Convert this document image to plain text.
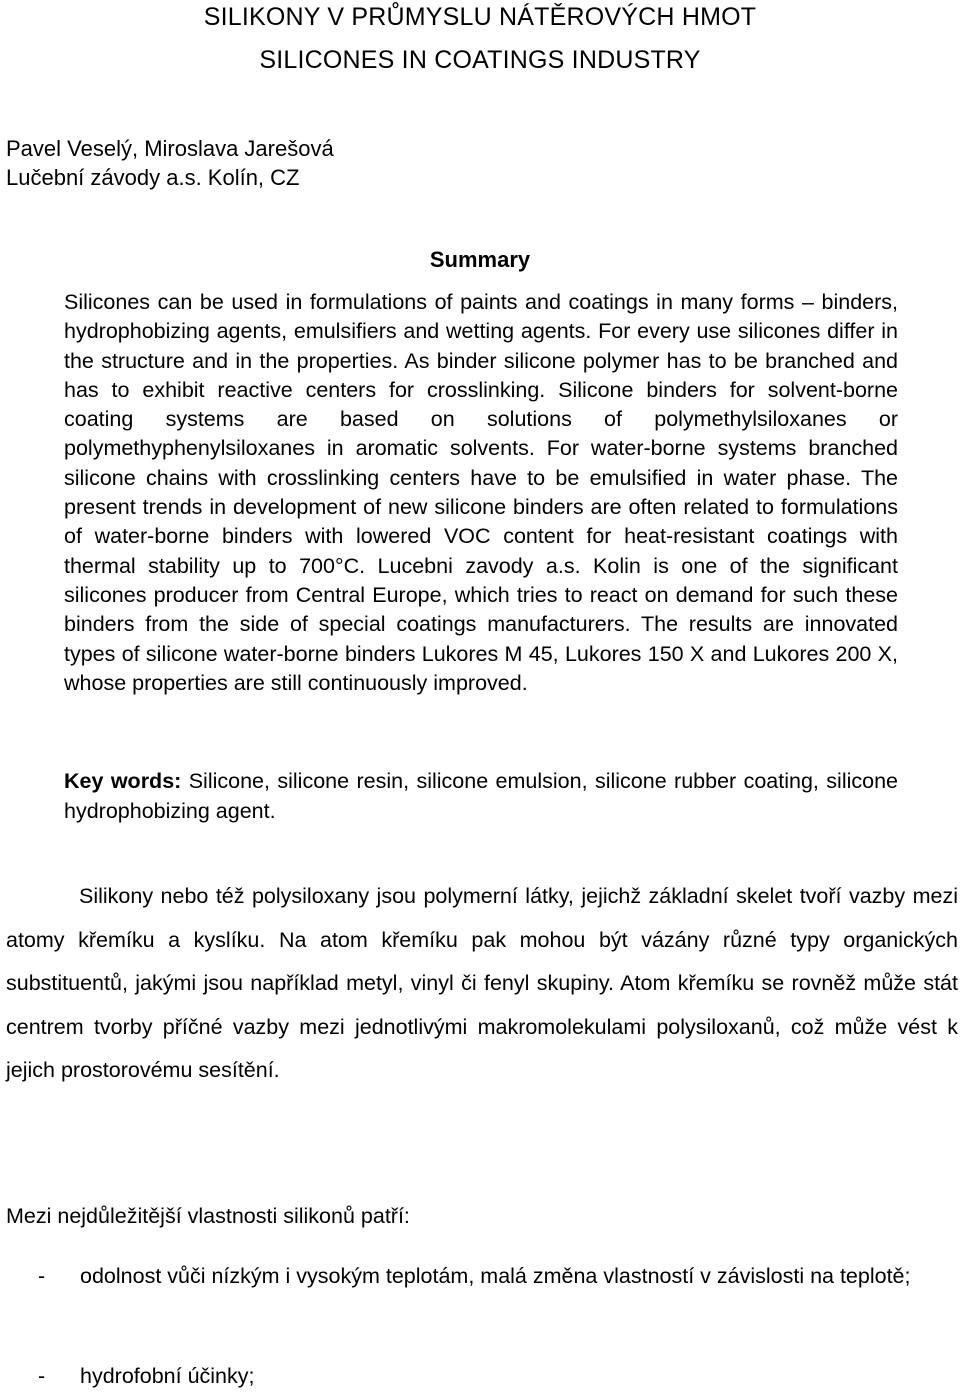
SILIKONY V PRŮMYSLU NÁTĚROVÝCH HMOT
SILICONES IN COATINGS INDUSTRY
Pavel Veselý, Miroslava Jarešová
Lučební závody a.s. Kolín, CZ
Summary

Silicones can be used in formulations of paints and coatings in many forms – binders, hydrophobizing agents, emulsifiers and wetting agents. For every use silicones differ in the structure and in the properties. As binder silicone polymer has to be branched and has to exhibit reactive centers for crosslinking. Silicone binders for solvent-borne coating systems are based on solutions of polymethylsiloxanes or polymethyphenylsiloxanes in aromatic solvents. For water-borne systems branched silicone chains with crosslinking centers have to be emulsified in water phase. The present trends in development of new silicone binders are often related to formulations of water-borne binders with lowered VOC content for heat-resistant coatings with thermal stability up to 700°C. Lucebni zavody a.s. Kolin is one of the significant silicones producer from Central Europe, which tries to react on demand for such these binders from the side of special coatings manufacturers. The results are innovated types of silicone water-borne binders Lukores M 45, Lukores 150 X and Lukores 200 X, whose properties are still continuously improved.

Key words: Silicone, silicone resin, silicone emulsion, silicone rubber coating, silicone hydrophobizing agent.

Silikony nebo též polysiloxany jsou polymerní látky, jejichž základní skelet tvoří vazby mezi atomy křemíku a kyslíku. Na atom křemíku pak mohou být vázány různé typy organických substituentů, jakými jsou například metyl, vinyl či fenyl skupiny. Atom křemíku se rovněž může stát centrem tvorby příčné vazby mezi jednotlivými makromolekulami polysiloxanů, což může vést k jejich prostorovému sesítění.

Mezi nejdůležitější vlastnosti silikonů patří:

-	odolnost vůči nízkým i vysokým teplotám, malá změna vlastností v závislosti na teplotě;
-	hydrofobní účinky;
